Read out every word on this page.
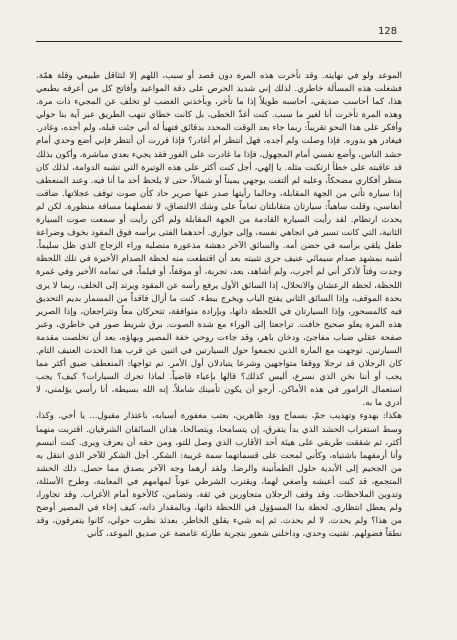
128

الموعد ولو في نهايته. وقد تأخرت هذه المرة دون قصد أو سبب، اللهم إلا لتثاقل طبيعي وقلة همّة. فشغلت هذه المسألة خاطري. لذلك إني شديد الحرص على دقة المواعيد وأفاتح كل من أعرفه بطبعي هذا، كما أحاسب صديقي، أحاسبه طويلاً إذا ما تأخر، وبأخذني الغضب لو تخلف عن المجيء ذات مرة. وهذه المرة تأخرت أنا لغير ما سبب. كنت أغذّ الخطى، بل كانت خطاي تنهب الطريق عبر آية بنا حولي وأفكر على هذا النحو تقريباً: ربما جاء بعد الوقت المحدد بدقائق فتهيأ له أني جئت قبله، ولم أجده، وغادر. فيغادر هو بدوره. فإذا وصلت ولم أجده، فهل أنتظر أم أغادر؟ فإذا قررت أن أنتظر فإني أضع وحدي أمام حشد الناس، وأضع نفسي أمام المجهول، فإذا ما غادرت على الفور فقد يجيء بعدي مباشرة، وأكون بذلك قد عاقبته على خطأ ارتكبت مثله. يا إلهي، أجل كنت أكثر على هذه الوتيرة التي تشبه الدوامة، لذلك كان منظر أفكاري مضحكاً، وعليه لم ألتفت بوجهي يميناً أو شمالاً، حتى لا يلحظ أحد ما أنا فيه. وعند المنعطف إذا سيارة تأتي من الجهة المقابلة، وحالما رأيتها صدر عنها صرير حاد كأن صوت توقف عجلاتها. ضاقت أنفاسي، وقلت ساهياً: سيارتان متقابلتان تماماً على وشك الالتصاق، لا تفصلهما مسافة منظورة. لكن لم يحدث ارتطام. لقد رأيت السيارة القادمة من الجهة المقابلة ولم أكن رأيت أو سمعت صوت السيارة الثانية، التي كانت تسير في اتجاهي نفسه، وإلى جواري. أحدهما الفتى برأسه فوق المقود بخوف وضراعة طفل يلقي برأسه في حضن أمه. والسائق الآخر دهشة مذعورة متصلبة وراء الزجاج الذي ظل سليماً. أشبه بمشهد صدام سيمائي عنيف جرى تثبيته بعد أن اقتطعت منه لحظة الصدام الأخيرة في تلك اللحظة وجدت وقتاً لأذكر أني لم أجرب، ولم أشاهد، بعد، تجربة، أو موقفاً، أو فيلماً، في تمامه الأخير وفي غمرة اللحظة، لحظة الرعشان والانحلال، إذا السائق الأول يرفع رأسه عن المقود ويرتد إلى الخلف، ربما لا يرى بحدة الموقف، وإذا السائق الثاني يفتح الباب ويخرج ببطء. كنت ما أزال فاقداً من المسمار بديم التحديق فيه كالمسحور، وإذا السيارتان في اللحظة ذاتها، وبإرادة متوافقة، تتحركان معاً وتتراجعان، وإذا الصرير هذه المرة يعلو صحيح خافت. تراجعتا إلى الوراء مع شدة الصوت. برق شريط صور في خاطري، وعبر صفحة عقلي ضباب مفاجئ، ودخان باهر، وقد جاءت روحي خفة المصير وبهاؤه، بعد أن تخلصت مقدمة السيارتين. توجهت مع المارة الذين تجمعوا حول السيارتين في اثنين عن قرب هذا الحدث العنيف التام. كان الرجلان قد ترجلا ووقفا متواجهين وشرعا يتبادلان أول الأمر. تم تواجها: المنعطف ضيق أكثر مما يجب أو أننا نخن الذي نسرع، أليس كذلك؟ قالها بإعياء قاضياً. لماذا تحرك السيارات؟ كيف؟ يجب استعمال الزامور في هذه الأماكن. أرجو أن يكون تأمينك شاملاً. إنه الله بسيطة، أنا رأسي يؤلمني، لا أدري ما به.

هكذا: بهدوء وتهذيب جمّ، بسماح وود ظاهرين، بعتب مغفورة أسبابه، باعتذار مقبول... يا أخي. وكذا، وسط استغراب الحشد الذي بدأ يتفرق، إن يتسامحا، ويتصالحا، هذان السائقان الشرقيان. اقتربت منهما أكثر، ثم شققت طريقي على هيئة أحد الأقارب الذي وصل للتو، ومن حقه أن يعرف ويرى. كنت أتبسم وأنا أرمقهما باشتياه، وكأني لمحت على قسماتهما سمة غريبة: الشكر. أجل الشكر للآخر الذي انتقل به من الجحيم إلى الأبدية حلول الطمأنينة والرضا. ولقد أرهما وجه الآخر بصدق مما حصل. ذلك الحشد المتجمع، قد كنت أعيشه وأصغي لهما، ويقترب الشرطي عوناً لمهامهم في المعاينة، وطرح الأسئلة، وتدوين الملاحظات. وقد وقف الرجلان متجاورين في ثقة، وتضامن، كالأخوة أمام الأغراب. وقد تجاورا، ولم يعطل انتظاري. لحظة بدا المسؤول في اللحظة ذاتها، وبالمقدار ذاته، كيف إخاء في المصير أوضح من هذا؟ ولم يحدث. لا لم يحدث. ثم إنه شيء يقلق الخاطر. بعدئذ نظرت حولي، كانوا يتفرقون، وقد نطقاً فضولهم. تقتيت وحدي، وداخلني شعور بتجربة طارئة غامضة عن صديق الموعد، كأني
